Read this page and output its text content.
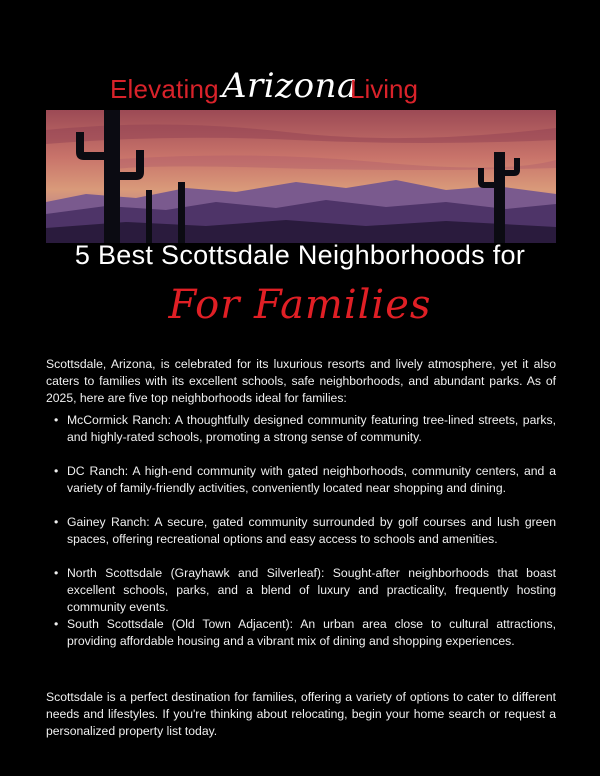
Elevating Arizona
Living
5 Best Scottsdale Neighborhoods for
For Families

Scottsdale, Arizona, is celebrated for its luxurious resorts and lively atmosphere, yet it also caters to families with its excellent schools, safe neighborhoods, and abundant parks. As of 2025, here are five top neighborhoods ideal for families:

• McCormick Ranch: A thoughtfully designed community featuring tree-lined streets, parks, and highly-rated schools, promoting a strong sense of community.
• DC Ranch: A high-end community with gated neighborhoods, community centers, and a variety of family-friendly activities, conveniently located near shopping and dining.
• Gainey Ranch: A secure, gated community surrounded by golf courses and lush green spaces, offering recreational options and easy access to schools and amenities.
• North Scottsdale (Grayhawk and Silverleaf): Sought-after neighborhoods that boast excellent schools, parks, and a blend of luxury and practicality, frequently hosting community events.
• South Scottsdale (Old Town Adjacent): An urban area close to cultural attractions, providing affordable housing and a vibrant mix of dining and shopping experiences.

Scottsdale is a perfect destination for families, offering a variety of options to cater to different needs and lifestyles. If you're thinking about relocating, begin your home search or request a personalized property list today.
